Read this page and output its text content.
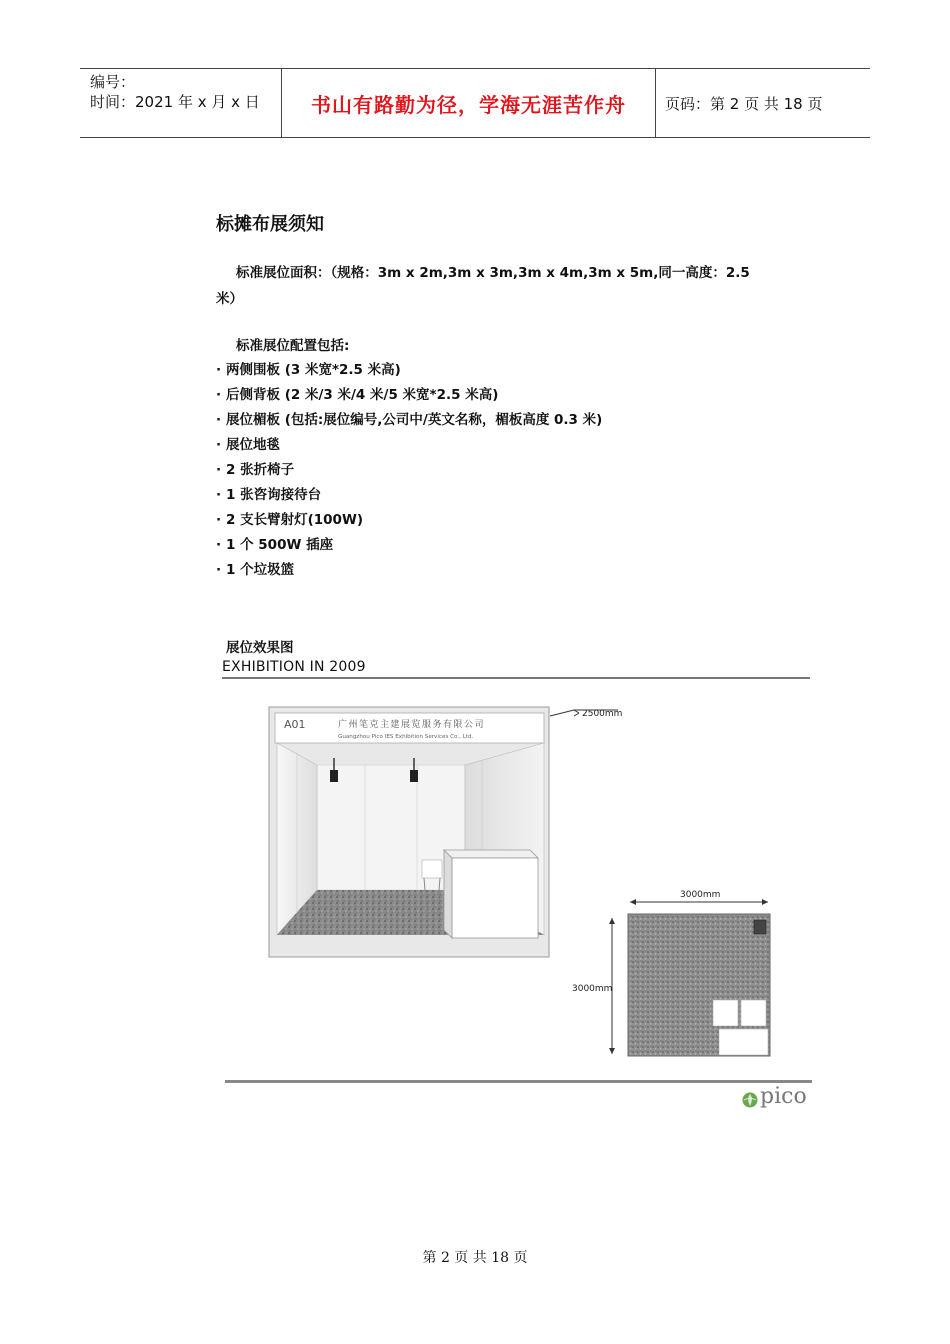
编号：
时间：2021 年 x 月 x 日	书山有路勤为径，学海无涯苦作舟	页码：第 2 页 共 18 页
标摊布展须知
标准展位面积：（规格：3m x 2m,3m x 3m,3m x 4m,3m x 5m,同一高度：2.5
米）
标准展位配置包括:
· 两侧围板 (3 米宽*2.5 米高)
· 后侧背板 (2 米/3 米/4 米/5 米宽*2.5 米高)
· 展位楣板 (包括:展位编号,公司中/英文名称，楣板高度 0.3 米)
· 展位地毯
· 2 张折椅子
· 1 张咨询接待台
· 2 支长臂射灯(100W)
· 1 个 500W 插座
· 1 个垃圾篮
展位效果图
EXHIBITION IN 2009
A01	广州笔克主建展览服务有限公司
Guangzhou Pico IES Exhibition Services Co., Ltd.
2500mm
3000mm
3000mm
pico
第 2 页 共 18 页
